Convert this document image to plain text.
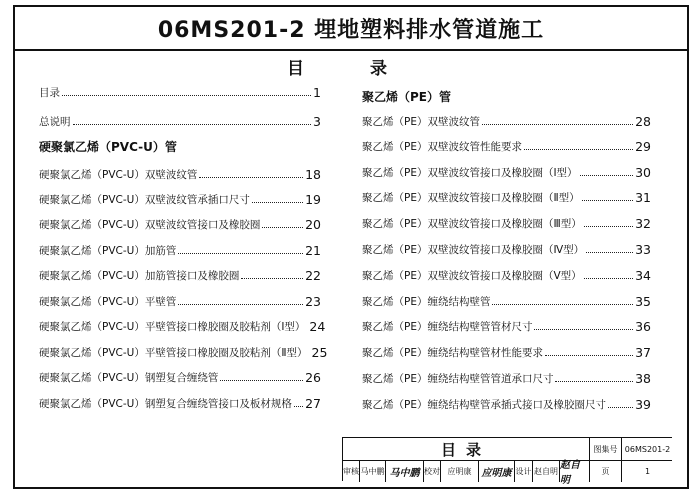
06MS201-2 埋地塑料排水管道施工
目	录
目录	1
总说明	3
硬聚氯乙烯（PVC-U）管
硬聚氯乙烯（PVC-U）双壁波纹管	18
硬聚氯乙烯（PVC-U）双壁波纹管承插口尺寸	19
硬聚氯乙烯（PVC-U）双壁波纹管接口及橡胶圈	20
硬聚氯乙烯（PVC-U）加筋管	21
硬聚氯乙烯（PVC-U）加筋管接口及橡胶圈	22
硬聚氯乙烯（PVC-U）平壁管	23
硬聚氯乙烯（PVC-U）平壁管接口橡胶圈及胶粘剂（Ⅰ型） 24
硬聚氯乙烯（PVC-U）平壁管接口橡胶圈及胶粘剂（Ⅱ型） 25
硬聚氯乙烯（PVC-U）钢塑复合缠绕管	26
硬聚氯乙烯（PVC-U）钢塑复合缠绕管接口及板材规格 27
聚乙烯（PE）管
聚乙烯（PE）双壁波纹管	28
聚乙烯（PE）双壁波纹管性能要求	29
聚乙烯（PE）双壁波纹管接口及橡胶圈（Ⅰ型）	30
聚乙烯（PE）双壁波纹管接口及橡胶圈（Ⅱ型）	31
聚乙烯（PE）双壁波纹管接口及橡胶圈（Ⅲ型）	32
聚乙烯（PE）双壁波纹管接口及橡胶圈（Ⅳ型）	33
聚乙烯（PE）双壁波纹管接口及橡胶圈（Ⅴ型）	34
聚乙烯（PE）缠绕结构壁管	35
聚乙烯（PE）缠绕结构壁管管材尺寸	36
聚乙烯（PE）缠绕结构壁管材性能要求	37
聚乙烯（PE）缠绕结构壁管管道承口尺寸	38
聚乙烯（PE）缠绕结构壁管承插式接口及橡胶圈尺寸 39
目录	图集号 06MS201-2
审核 马中鹏 马中鹏 校对 应明康	应明康 设计 赵自明 赵自明
页	1
